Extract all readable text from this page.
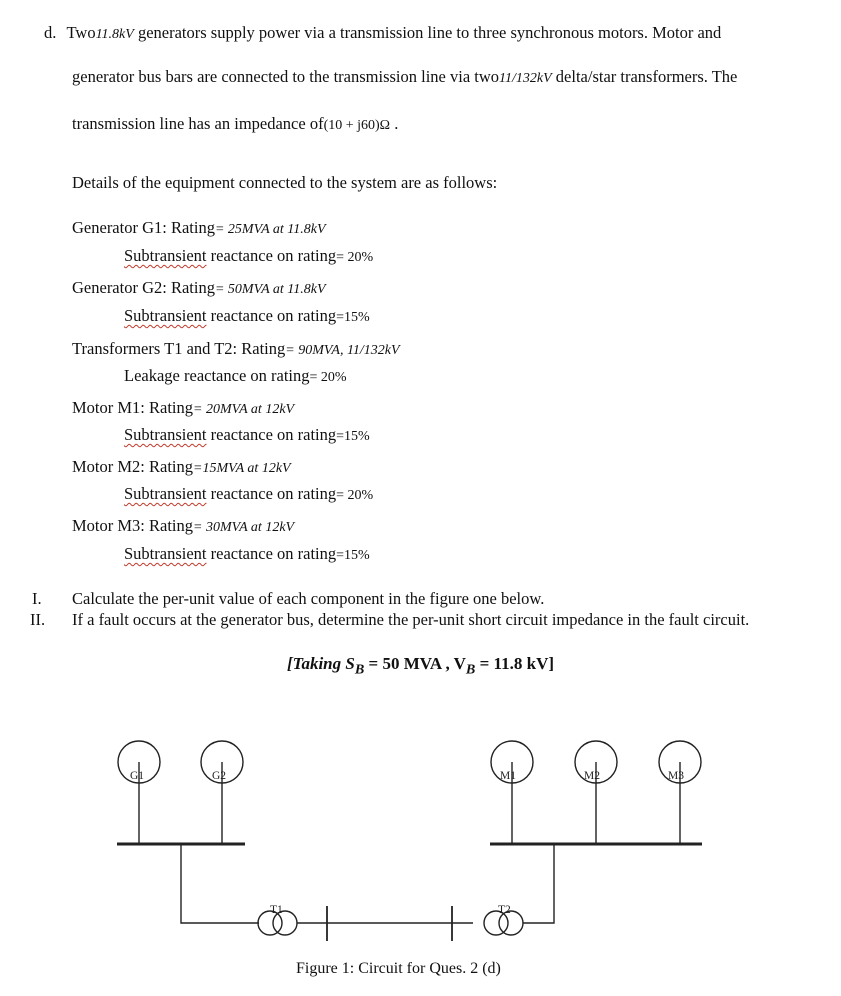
d. Two11.8kV generators supply power via a transmission line to three synchronous motors. Motor and
generator bus bars are connected to the transmission line via two11/132kV delta/star transformers. The
transmission line has an impedance of(10 + j60)Ω .
Details of the equipment connected to the system are as follows:
Generator G1: Rating= 25MVA at 11.8kV
Subtransient reactance on rating= 20%
Generator G2: Rating= 50MVA at 11.8kV
Subtransient reactance on rating=15%
Transformers T1 and T2: Rating= 90MVA, 11/132kV
Leakage reactance on rating= 20%
Motor M1: Rating= 20MVA at 12kV
Subtransient reactance on rating=15%
Motor M2: Rating=15MVA at 12kV
Subtransient reactance on rating= 20%
Motor M3: Rating= 30MVA at 12kV
Subtransient reactance on rating=15%
I. Calculate the per-unit value of each component in the figure one below.
II. If a fault occurs at the generator bus, determine the per-unit short circuit impedance in the fault circuit.
[Taking $S_B = 50$ MVA , $V_B = 11.8$ kV]
G1	G2	M1	M2	M3
T1	T2
Figure 1: Circuit for Ques. 2 (d)
